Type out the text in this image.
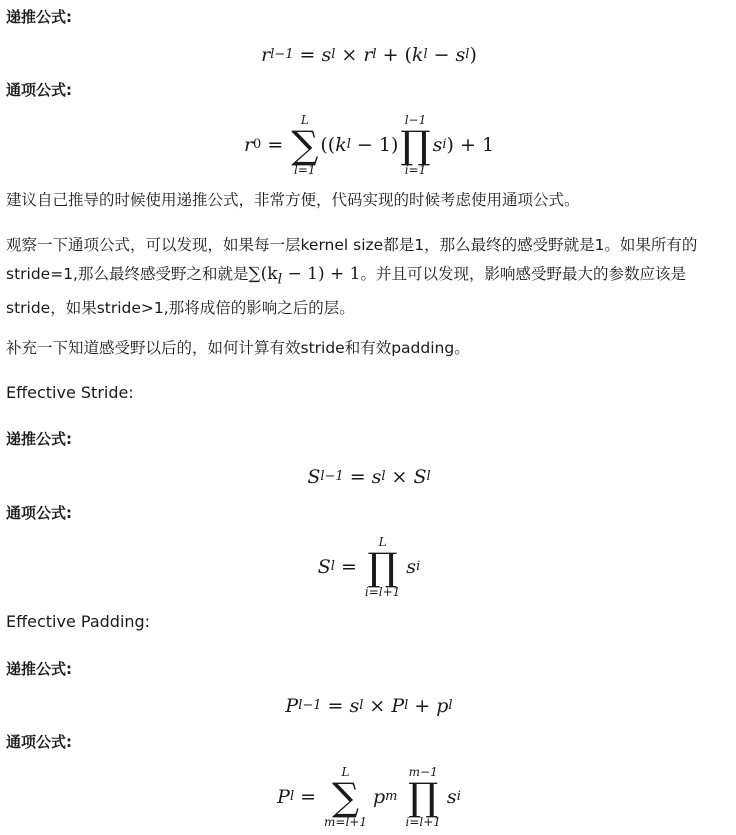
递推公式:
r l−1 = s l × r l + ( k l − s l )
通项公式:
r 0 =
L
∑
l=1
(( k l − 1)
l−1
∏
i=1
s i ) + 1
建议自己推导的时候使用递推公式，非常方便，代码实现的时候考虑使用通项公式。
观察一下通项公式，可以发现，如果每一层kernel size都是1，那么最终的感受野就是1。如果所有的stride=1,那么最终感受野之和就是$\sum(k_l - 1) + 1$。并且可以发现，影响感受野最大的参数应该是stride，如果stride>1,那将成倍的影响之后的层。
补充一下知道感受野以后的，如何计算有效stride和有效padding。
Effective Stride:
递推公式:
S l−1 = s l × S l
通项公式:
S l =
L
∏
i=l+1
s i
Effective Padding:
递推公式:
P l−1 = s l × P l + p l
通项公式:
P l =
L
∑
m=l+1
p m
m−1
∏
i=l+1
s i
